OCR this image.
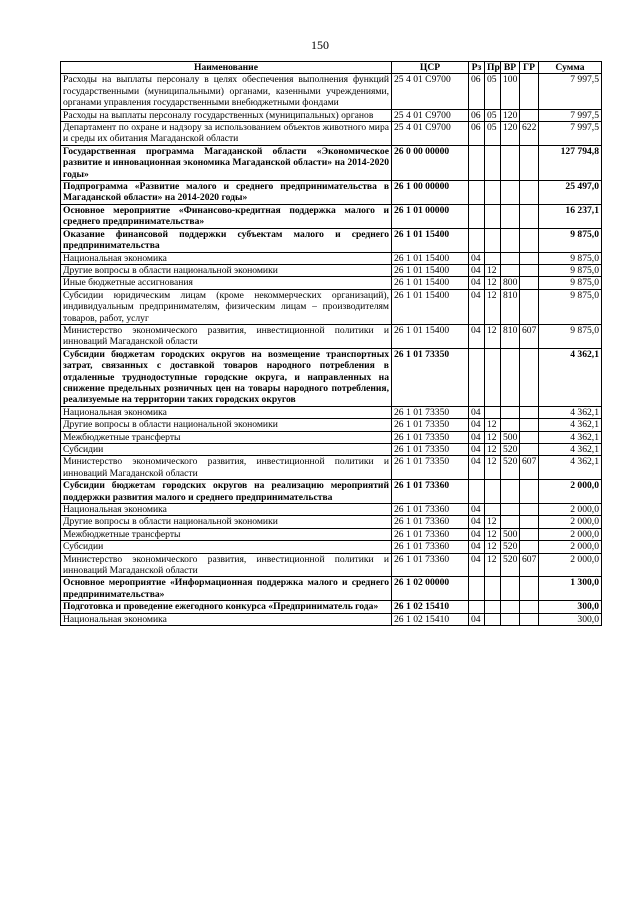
150
Наименование	ЦСР	Рз	Пр	ВР	ГР	Сумма
Расходы на выплаты персоналу в целях обеспечения выполнения функций государственными (муниципальными) органами, казенными учреждениями, органами управления государственными внебюджетными фондами	25 4 01 С9700	06	05	100		7 997,5
Расходы на выплаты персоналу государственных (муниципальных) органов	25 4 01 С9700	06	05	120		7 997,5
Департамент по охране и надзору за использованием объектов животного мира и среды их обитания Магаданской области	25 4 01 С9700	06	05	120	622	7 997,5
Государственная программа Магаданской области «Экономическое развитие и инновационная экономика Магаданской области» на 2014-2020 годы»	26 0 00 00000					127 794,8
Подпрограмма «Развитие малого и среднего предпринимательства в Магаданской области» на 2014-2020 годы»	26 1 00 00000					25 497,0
Основное мероприятие «Финансово-кредитная поддержка малого и среднего предпринимательства»	26 1 01 00000					16 237,1
Оказание финансовой поддержки субъектам малого и среднего предпринимательства	26 1 01 15400					9 875,0
Национальная экономика	26 1 01 15400	04				9 875,0
Другие вопросы в области национальной экономики	26 1 01 15400	04	12			9 875,0
Иные бюджетные ассигнования	26 1 01 15400	04	12	800		9 875,0
Субсидии юридическим лицам (кроме некоммерческих организаций), индивидуальным предпринимателям, физическим лицам – производителям товаров, работ, услуг	26 1 01 15400	04	12	810		9 875,0
Министерство экономического развития, инвестиционной политики и инноваций Магаданской области	26 1 01 15400	04	12	810	607	9 875,0
Субсидии бюджетам городских округов на возмещение транспортных затрат, связанных с доставкой товаров народного потребления в отдаленные труднодоступные городские округа, и направленных на снижение предельных розничных цен на товары народного потребления, реализуемые на территории таких городских округов	26 1 01 73350					4 362,1
Национальная экономика	26 1 01 73350	04				4 362,1
Другие вопросы в области национальной экономики	26 1 01 73350	04	12			4 362,1
Межбюджетные трансферты	26 1 01 73350	04	12	500		4 362,1
Субсидии	26 1 01 73350	04	12	520		4 362,1
Министерство экономического развития, инвестиционной политики и инноваций Магаданской области	26 1 01 73350	04	12	520	607	4 362,1
Субсидии бюджетам городских округов на реализацию мероприятий поддержки развития малого и среднего предпринимательства	26 1 01 73360					2 000,0
Национальная экономика	26 1 01 73360	04				2 000,0
Другие вопросы в области национальной экономики	26 1 01 73360	04	12			2 000,0
Межбюджетные трансферты	26 1 01 73360	04	12	500		2 000,0
Субсидии	26 1 01 73360	04	12	520		2 000,0
Министерство экономического развития, инвестиционной политики и инноваций Магаданской области	26 1 01 73360	04	12	520	607	2 000,0
Основное мероприятие «Информационная поддержка малого и среднего предпринимательства»	26 1 02 00000					1 300,0
Подготовка и проведение ежегодного конкурса «Предприниматель года»	26 1 02 15410					300,0
Национальная экономика	26 1 02 15410	04				300,0
